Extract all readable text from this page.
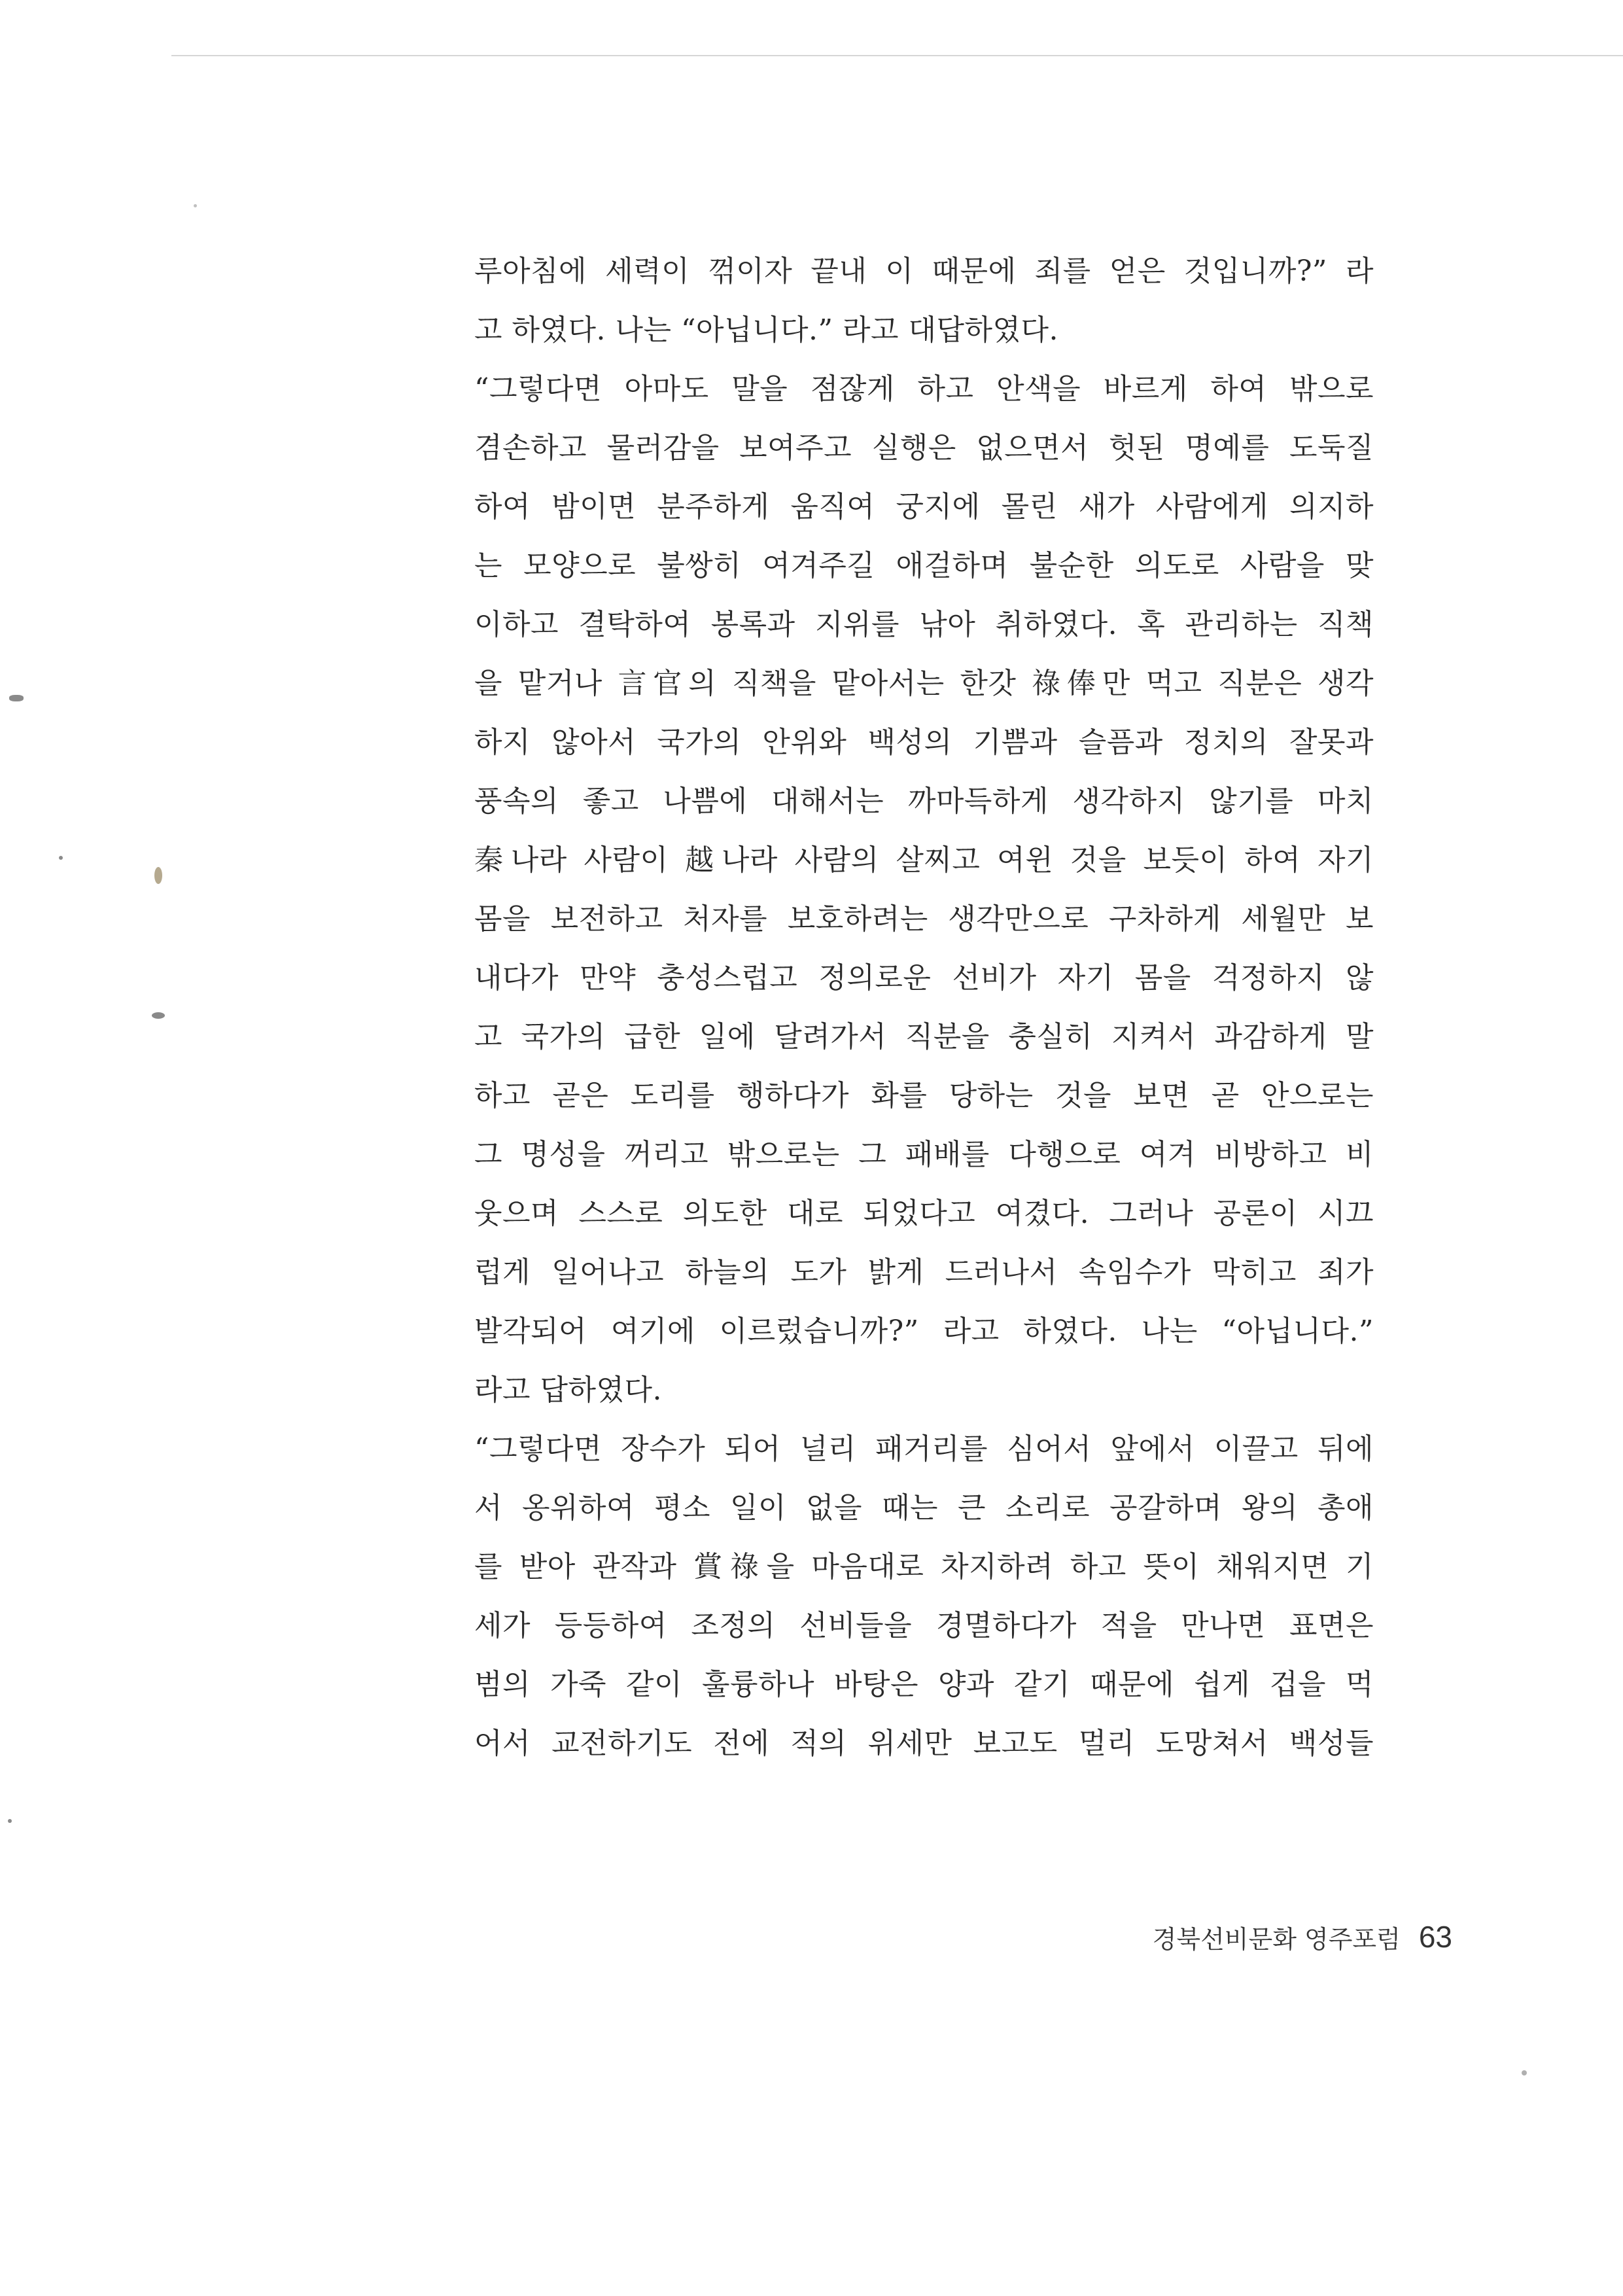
루아침에 세력이 꺾이자 끝내 이 때문에 죄를 얻은 것입니까?” 라
고 하였다. 나는 “아닙니다.” 라고 대답하였다.
“그렇다면 아마도 말을 점잖게 하고 안색을 바르게 하여 밖으로
겸손하고 물러감을 보여주고 실행은 없으면서 헛된 명예를 도둑질
하여 밤이면 분주하게 움직여 궁지에 몰린 새가 사람에게 의지하
는 모양으로 불쌍히 여겨주길 애걸하며 불순한 의도로 사람을 맞
이하고 결탁하여 봉록과 지위를 낚아 취하였다. 혹 관리하는 직책
을 맡거나 言官의 직책을 맡아서는 한갓 祿俸만 먹고 직분은 생각
하지 않아서 국가의 안위와 백성의 기쁨과 슬픔과 정치의 잘못과
풍속의 좋고 나쁨에 대해서는 까마득하게 생각하지 않기를 마치
秦나라 사람이 越나라 사람의 살찌고 여윈 것을 보듯이 하여 자기
몸을 보전하고 처자를 보호하려는 생각만으로 구차하게 세월만 보
내다가 만약 충성스럽고 정의로운 선비가 자기 몸을 걱정하지 않
고 국가의 급한 일에 달려가서 직분을 충실히 지켜서 과감하게 말
하고 곧은 도리를 행하다가 화를 당하는 것을 보면 곧 안으로는
그 명성을 꺼리고 밖으로는 그 패배를 다행으로 여겨 비방하고 비
웃으며 스스로 의도한 대로 되었다고 여겼다. 그러나 공론이 시끄
럽게 일어나고 하늘의 도가 밝게 드러나서 속임수가 막히고 죄가
발각되어 여기에 이르렀습니까?” 라고 하였다. 나는 “아닙니다.”
라고 답하였다.
“그렇다면 장수가 되어 널리 패거리를 심어서 앞에서 이끌고 뒤에
서 옹위하여 평소 일이 없을 때는 큰 소리로 공갈하며 왕의 총애
를 받아 관작과 賞祿을 마음대로 차지하려 하고 뜻이 채워지면 기
세가 등등하여 조정의 선비들을 경멸하다가 적을 만나면 표면은
범의 가죽 같이 훌륭하나 바탕은 양과 같기 때문에 쉽게 겁을 먹
어서 교전하기도 전에 적의 위세만 보고도 멀리 도망쳐서 백성들
경북선비문화 영주포럼 63
